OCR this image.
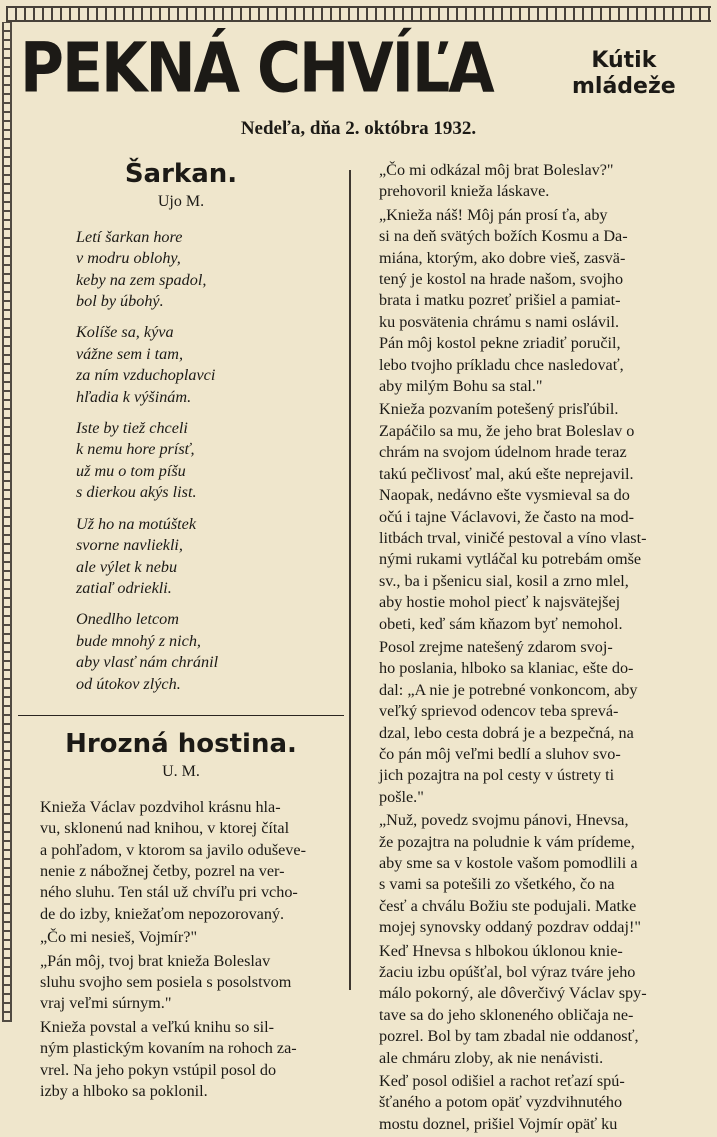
PEKNÁ CHVÍĽA	Kútik
mládeže
Nedeľa, dňa 2. októbra 1932.
Šarkan.
Ujo M.
Letí šarkan hore
v modru oblohy,
keby na zem spadol,
bol by úbohý.
Kolíše sa, kýva
vážne sem i tam,
za ním vzduchoplavci
hľadia k výšinám.
Iste by tiež chceli
k nemu hore prísť,
už mu o tom píšu
s dierkou akýs list.
Už ho na motúštek
svorne navliekli,
ale výlet k nebu
zatiaľ odriekli.
Onedlho letcom
bude mnohý z nich,
aby vlasť nám chránil
od útokov zlých.
Hrozná hostina.
U. M.
Knieža Václav pozdvihol krásnu hla-
vu, sklonenú nad knihou, v ktorej čítal
a pohľadom, v ktorom sa javilo oduševe-
nenie z nábožnej četby, pozrel na ver-
ného sluhu. Ten stál už chvíľu pri vcho-
de do izby, kniežaťom nepozorovaný.
„Čo mi nesieš, Vojmír?"
„Pán môj, tvoj brat knieža Boleslav
sluhu svojho sem posiela s posolstvom
vraj veľmi súrnym."
Knieža povstal a veľkú knihu so sil-
ným plastickým kovaním na rohoch za-
vrel. Na jeho pokyn vstúpil posol do
izby a hlboko sa poklonil.
„Čo mi odkázal môj brat Boleslav?"
prehovoril knieža láskave.
„Knieža náš! Môj pán prosí ťa, aby
si na deň svätých božích Kosmu a Da-
miána, ktorým, ako dobre vieš, zasvä-
tený je kostol na hrade našom, svojho
brata i matku pozreť prišiel a pamiat-
ku posvätenia chrámu s nami oslávil.
Pán môj kostol pekne zriadiť poručil,
lebo tvojho príkladu chce nasledovať,
aby milým Bohu sa stal."
Knieža pozvaním potešený prisľúbil.
Zapáčilo sa mu, že jeho brat Boleslav o
chrám na svojom údelnom hrade teraz
takú pečlivosť mal, akú ešte neprejavil.
Naopak, nedávno ešte vysmieval sa do
očú i tajne Václavovi, že často na mod-
litbách trval, viničé pestoval a víno vlast-
nými rukami vytláčal ku potrebám omše
sv., ba i pšenicu sial, kosil a zrno mlel,
aby hostie mohol piecť k najsvätejšej
obeti, keď sám kňazom byť nemohol.
Posol zrejme natešený zdarom svoj-
ho poslania, hlboko sa klaniac, ešte do-
dal: „A nie je potrebné vonkoncom, aby
veľký sprievod odencov teba sprevá-
dzal, lebo cesta dobrá je a bezpečná, na
čo pán môj veľmi bedlí a sluhov svo-
jich pozajtra na pol cesty v ústrety ti
pošle."
„Nuž, povedz svojmu pánovi, Hnevsa,
že pozajtra na poludnie k vám prídeme,
aby sme sa v kostole vašom pomodlili a
s vami sa potešili zo všetkého, čo na
česť a chválu Božiu ste podujali. Matke
mojej synovsky oddaný pozdrav oddaj!"
Keď Hnevsa s hlbokou úklonou knie-
žaciu izbu opúšťal, bol výraz tváre jeho
málo pokorný, ale dôverčivý Václav spy-
tave sa do jeho skloneného obličaja ne-
pozrel. Bol by tam zbadal nie oddanosť,
ale chmáru zloby, ak nie nenávisti.
Keď posol odišiel a rachot reťazí spú-
šťaného a potom opäť vyzdvihnutého
mostu doznel, prišiel Vojmír opäť ku
